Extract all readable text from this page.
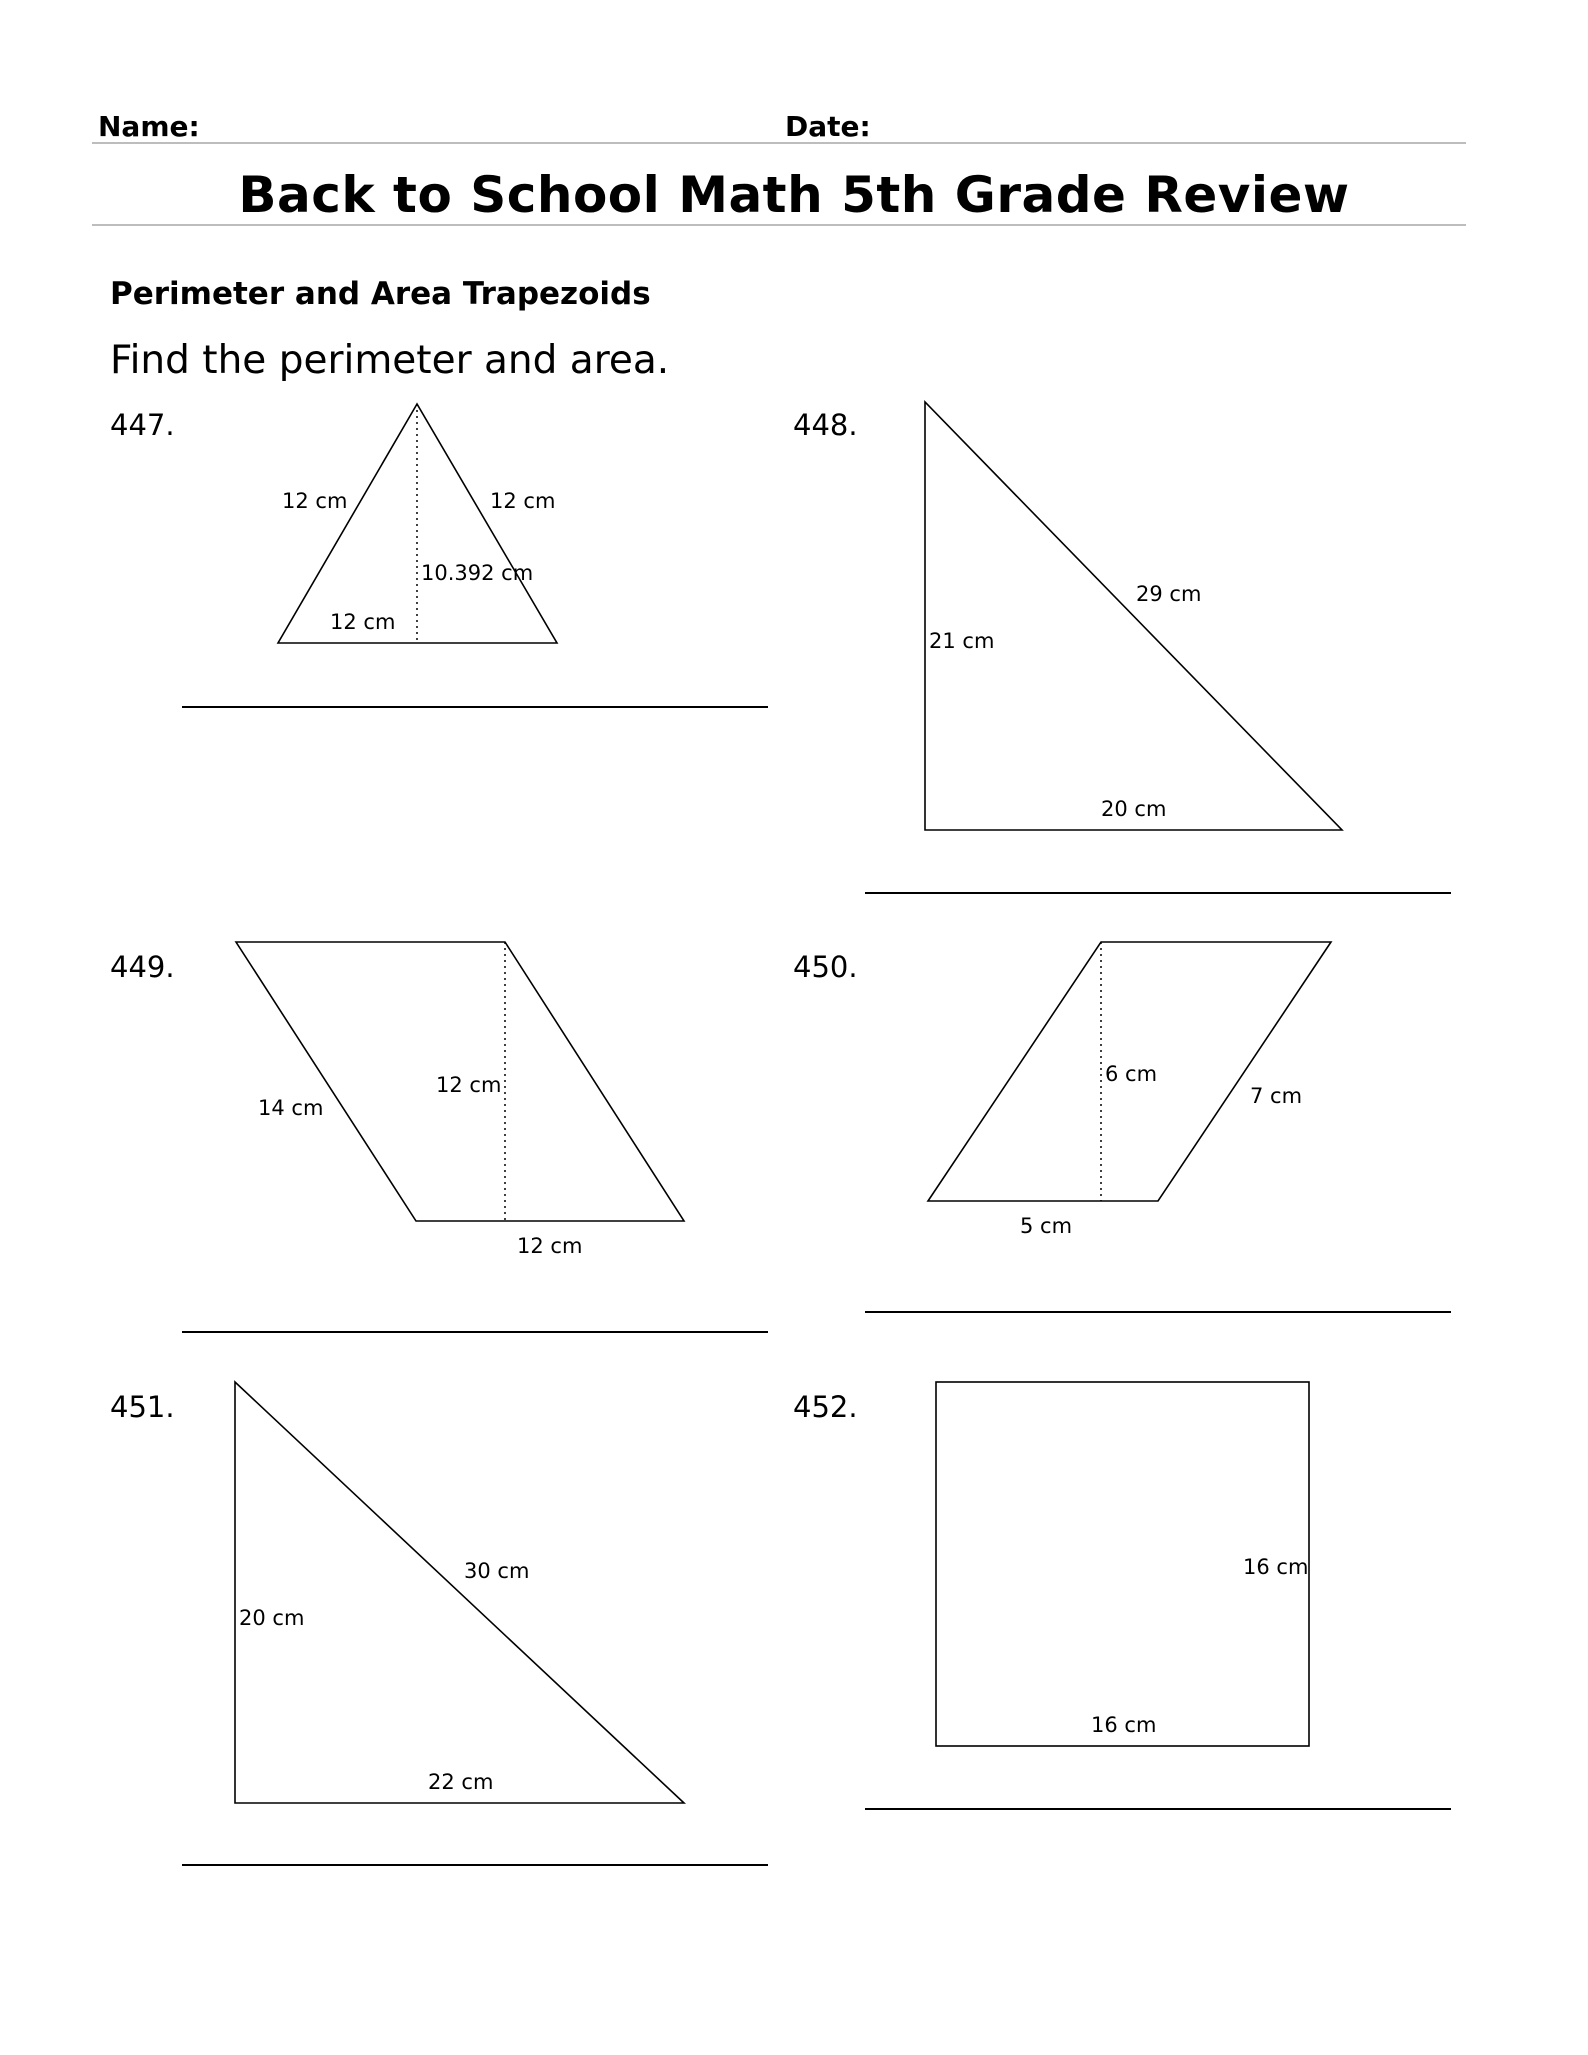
Name:	Date:
Back to School Math 5th Grade Review
Perimeter and Area Trapezoids
Find the perimeter and area.
447.
12 cm	12 cm
10.392 cm
12 cm
448.
29 cm
21 cm
20 cm
449.
12 cm
14 cm
12 cm
450.
6 cm
7 cm
5 cm
451.
30 cm
20 cm
22 cm
452.
16 cm
16 cm
